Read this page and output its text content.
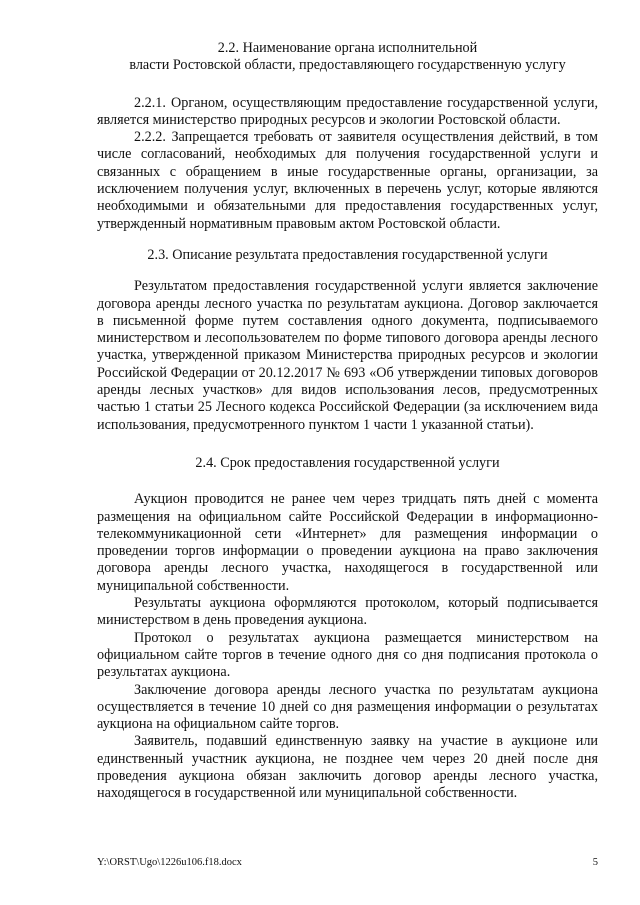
2.2. Наименование органа исполнительной
власти Ростовской области, предоставляющего государственную услугу

2.2.1. Органом, осуществляющим предоставление государственной услуги, является министерство природных ресурсов и экологии Ростовской области.

2.2.2. Запрещается требовать от заявителя осуществления действий, в том числе согласований, необходимых для получения государственной услуги и связанных с обращением в иные государственные органы, организации, за исключением получения услуг, включенных в перечень услуг, которые являются необходимыми и обязательными для предоставления государственных услуг, утвержденный нормативным правовым актом Ростовской области.

2.3. Описание результата предоставления государственной услуги

Результатом предоставления государственной услуги является заключение договора аренды лесного участка по результатам аукциона. Договор заключается в письменной форме путем составления одного документа, подписываемого министерством и лесопользователем по форме типового договора аренды лесного участка, утвержденной приказом Министерства природных ресурсов и экологии Российской Федерации от 20.12.2017 № 693 «Об утверждении типовых договоров аренды лесных участков» для видов использования лесов, предусмотренных частью 1 статьи 25 Лесного кодекса Российской Федерации (за исключением вида использования, предусмотренного пунктом 1 части 1 указанной статьи).

2.4. Срок предоставления государственной услуги

Аукцион проводится не ранее чем через тридцать пять дней с момента размещения на официальном сайте Российской Федерации в информационно-телекоммуникационной сети «Интернет» для размещения информации о проведении торгов информации о проведении аукциона на право заключения договора аренды лесного участка, находящегося в государственной или муниципальной собственности.

Результаты аукциона оформляются протоколом, который подписывается министерством в день проведения аукциона.

Протокол о результатах аукциона размещается министерством на официальном сайте торгов в течение одного дня со дня подписания протокола о результатах аукциона.

Заключение договора аренды лесного участка по результатам аукциона осуществляется в течение 10 дней со дня размещения информации о результатах аукциона на официальном сайте торгов.

Заявитель, подавший единственную заявку на участие в аукционе или единственный участник аукциона, не позднее чем через 20 дней после дня проведения аукциона обязан заключить договор аренды лесного участка, находящегося в государственной или муниципальной собственности.

Y:\ORST\Ugo\1226u106.f18.docx	5
